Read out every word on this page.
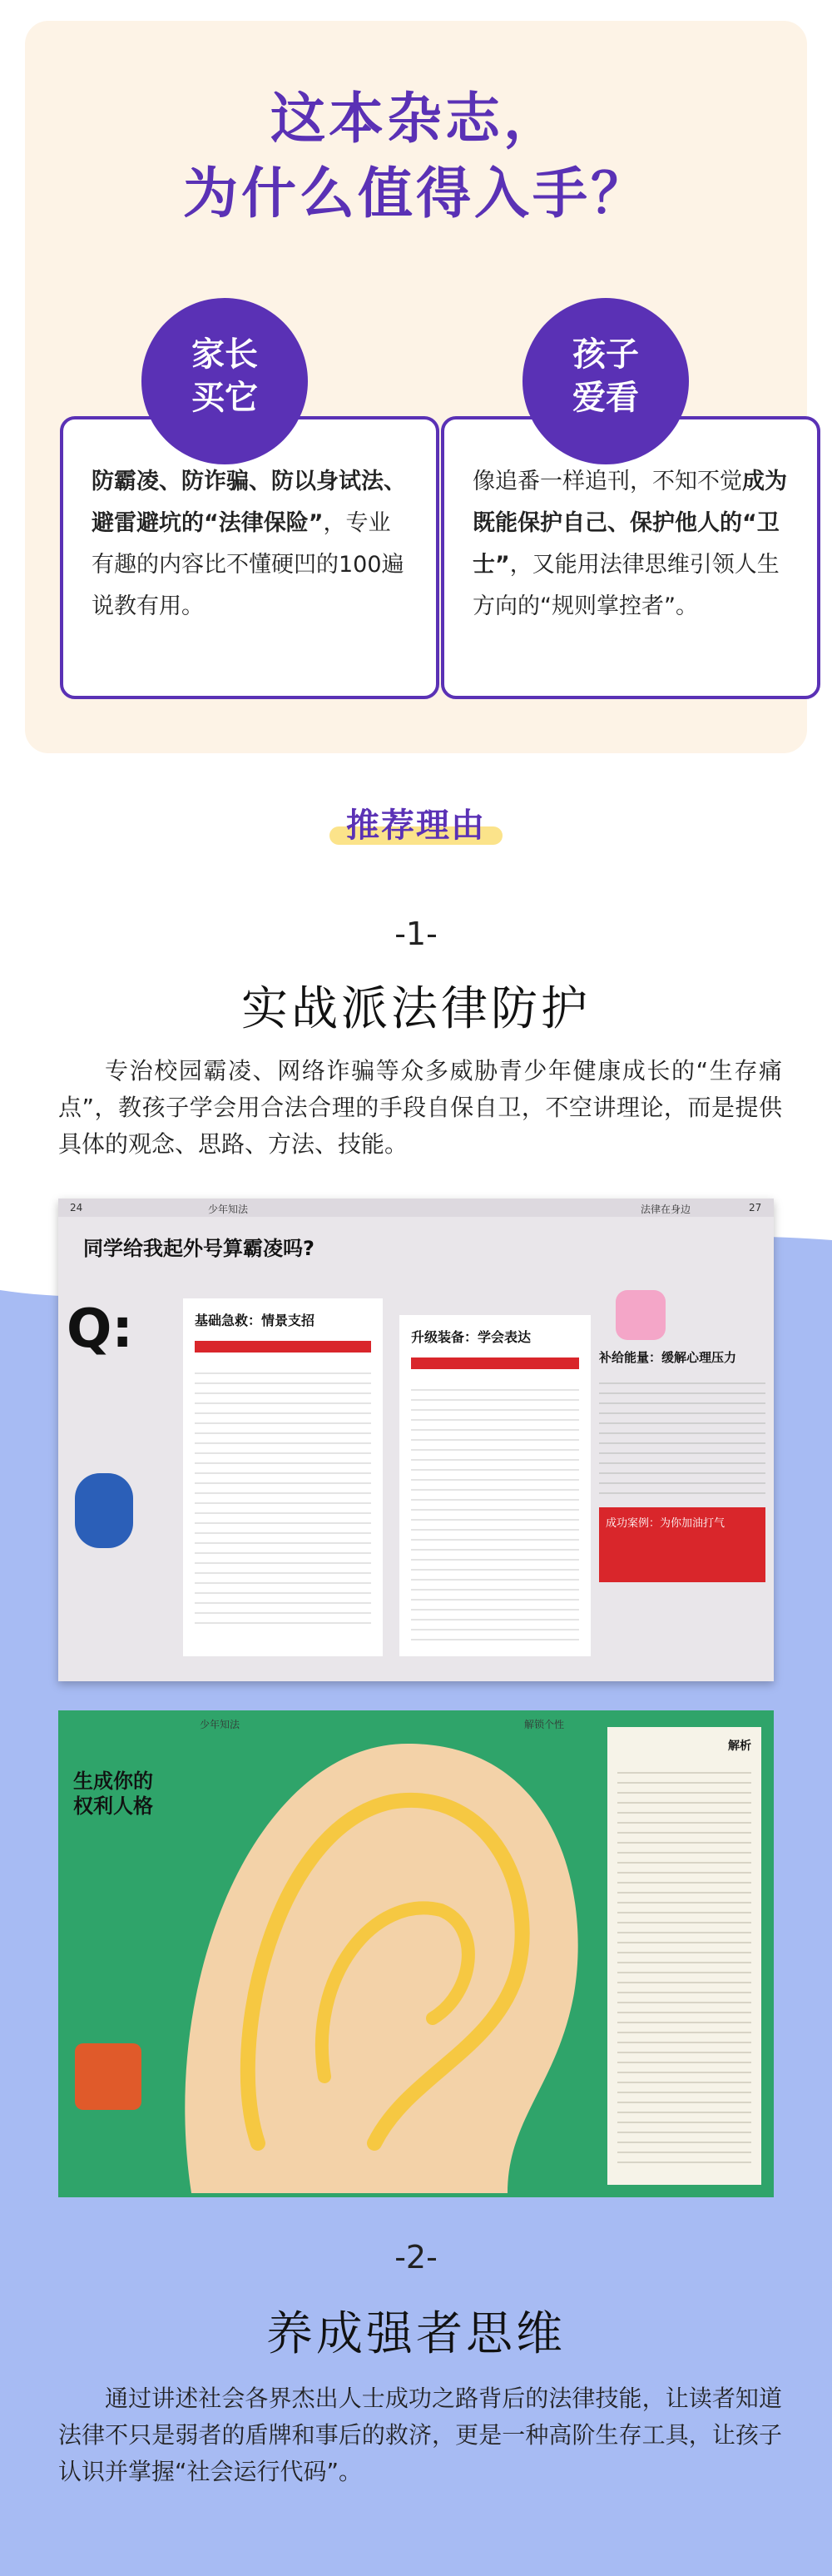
这本杂志，
为什么值得入手？
防霸凌、防诈骗、防以身试法、避雷避坑的“法律保险”，专业有趣的内容比不懂硬凹的100遍说教有用。
家长
买它
像追番一样追刊，不知不觉成为既能保护自己、保护他人的“卫士”，又能用法律思维引领人生方向的“规则掌控者”。
孩子
爱看
推荐理由
-1-
实战派法律防护
专治校园霸凌、网络诈骗等众多威胁青少年健康成长的“生存痛点”，教孩子学会用合法合理的手段自保自卫，不空讲理论，而是提供具体的观念、思路、方法、技能。
24	少年知法	法律在身边	27
同学给我起外号算霸凌吗?
Q:	基础急救：情景支招
升级装备：学会表达
补给能量：缓解心理压力
成功案例：为你加油打气
少年知法	解锁个性
生成你的
权利人格
解析
-2-
养成强者思维
通过讲述社会各界杰出人士成功之路背后的法律技能，让读者知道法律不只是弱者的盾牌和事后的救济，更是一种高阶生存工具，让孩子认识并掌握“社会运行代码”。
